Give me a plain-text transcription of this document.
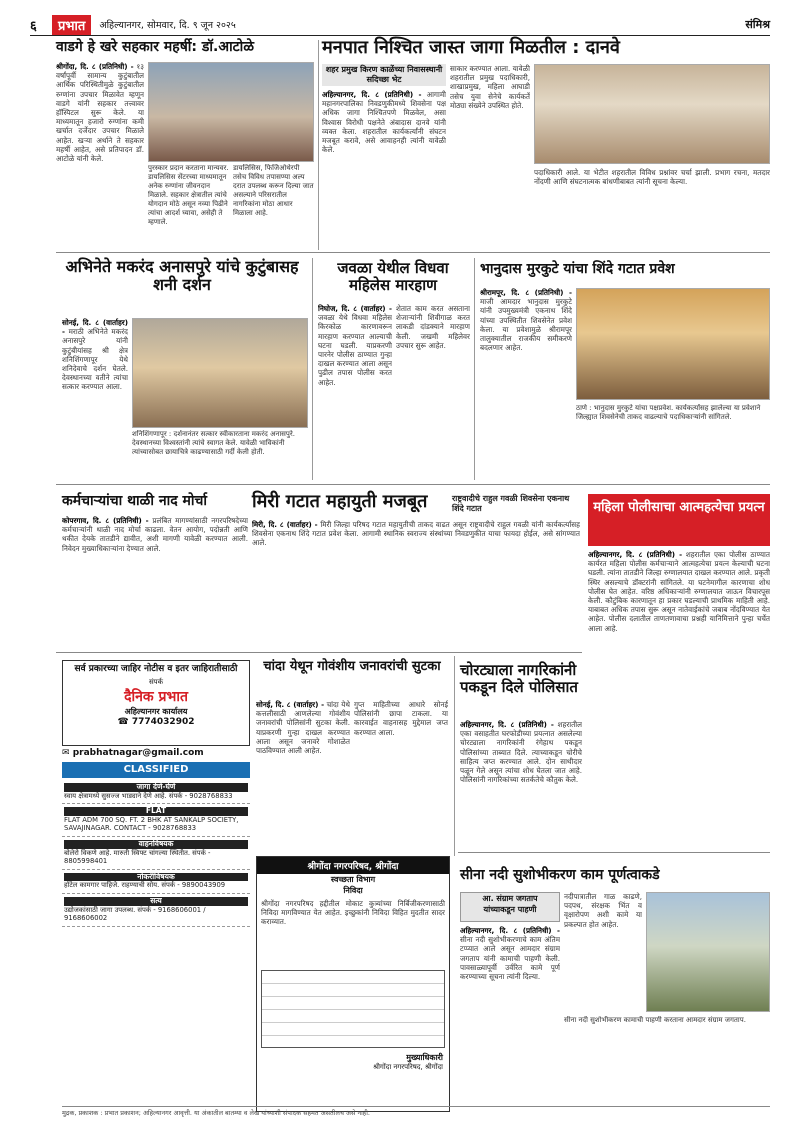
६	प्रभात	अहिल्यानगर, सोमवार, दि. ९ जून २०२५	संमिश्र
वाडगे हे खरे सहकार महर्षी: डॉ.आटोळे
श्रीगोंदा, दि. ८ (प्रतिनिधी) - १३ वर्षांपूर्वी सामान्य कुटुंबातील आर्थिक परिस्थितीमुळे कुटुंबातील रुग्णांना उपचार मिळावेत म्हणून वाडगे यांनी सहकार तत्त्वावर हॉस्पिटल सुरू केले. या माध्यमातून हजारो रुग्णांना कमी खर्चात दर्जेदार उपचार मिळाले आहेत. खऱ्या अर्थाने ते सहकार महर्षी आहेत, असे प्रतिपादन डॉ. आटोळे यांनी केले.
पुरस्कार प्रदान करताना मान्यवर. डायलिसिस सेंटरच्या माध्यमातून अनेक रुग्णांना जीवनदान मिळाले. सहकार क्षेत्रातील त्यांचे योगदान मोठे असून नव्या पिढीने त्यांचा आदर्श घ्यावा, असेही ते म्हणाले.
डायलिसिस, फिजिओथेरपी तसेच विविध तपासण्या अल्प दरात उपलब्ध करून दिल्या जात असल्याने परिसरातील नागरिकांना मोठा आधार मिळाला आहे.
मनपात निश्चित जास्त जागा मिळतील : दानवे
शहर प्रमुख किरण काळेंच्या निवासस्थानी सदिच्छा भेट
अहिल्यानगर, दि. ८ (प्रतिनिधी) - आगामी महानगरपालिका निवडणुकीमध्ये शिवसेना पक्ष अधिक जागा निश्चितपणे मिळवेल, असा विश्वास विरोधी पक्षनेते अंबादास दानवे यांनी व्यक्त केला. शहरातील कार्यकर्त्यांनी संघटन मजबूत करावे, असे आवाहनही त्यांनी यावेळी केले.
साकार करण्यात आला. यावेळी शहरातील प्रमुख पदाधिकारी, शाखाप्रमुख, महिला आघाडी तसेच युवा सेनेचे कार्यकर्ते मोठ्या संख्येने उपस्थित होते.
पदाधिकारी आले. या भेटीत शहरातील विविध प्रश्नांवर चर्चा झाली. प्रभाग रचना, मतदार नोंदणी आणि संघटनात्मक बांधणीबाबत त्यांनी सूचना केल्या.
अभिनेते मकरंद अनासपुरे यांचे कुटुंबासह शनी दर्शन
सोनई, दि. ८ (वार्ताहर) - मराठी अभिनेते मकरंद अनासपुरे यांनी कुटुंबीयांसह श्री क्षेत्र शनिशिंगणापूर येथे शनिदेवाचे दर्शन घेतले. देवस्थानच्या वतीने त्यांचा सत्कार करण्यात आला.
शनिशिंगणापूर : दर्शनानंतर सत्कार स्वीकारताना मकरंद अनासपुरे. देवस्थानच्या विश्वस्तांनी त्यांचे स्वागत केले. यावेळी भाविकांनी त्यांच्यासोबत छायाचित्रे काढण्यासाठी गर्दी केली होती.
जवळा येथील विधवा महिलेस मारहाण
निघोज, दि. ८ (वार्ताहर) - जवळा येथे विधवा महिलेस किरकोळ कारणावरून मारहाण करण्यात आल्याची घटना घडली. याप्रकरणी पारनेर पोलीस ठाण्यात गुन्हा दाखल करण्यात आला असून पुढील तपास पोलीस करत आहेत.
शेतात काम करत असताना शेजाऱ्यांनी शिवीगाळ करत लाकडी दांडक्याने मारहाण केली. जखमी महिलेवर उपचार सुरू आहेत.
भानुदास मुरकुटे यांचा शिंदे गटात प्रवेश
श्रीरामपूर, दि. ८ (प्रतिनिधी) - माजी आमदार भानुदास मुरकुटे यांनी उपमुख्यमंत्री एकनाथ शिंदे यांच्या उपस्थितीत शिवसेनेत प्रवेश केला. या प्रवेशामुळे श्रीरामपूर तालुक्यातील राजकीय समीकरणे बदलणार आहेत.
ठाणे : भानुदास मुरकुटे यांचा पक्षप्रवेश. कार्यकर्त्यांसह झालेल्या या प्रवेशाने जिल्ह्यात शिवसेनेची ताकद वाढल्याचे पदाधिकाऱ्यांनी सांगितले.
कर्मचाऱ्यांचा थाळी नाद मोर्चा
कोपरगाव, दि. ८ (प्रतिनिधी) - प्रलंबित मागण्यांसाठी नगरपरिषदेच्या कर्मचाऱ्यांनी थाळी नाद मोर्चा काढला. वेतन आयोग, पदोन्नती आणि थकीत देयके तातडीने द्यावीत, अशी मागणी यावेळी करण्यात आली. निवेदन मुख्याधिकाऱ्यांना देण्यात आले.
मिरी गटात महायुती मजबूत	राष्ट्रवादीचे राहुल गवळी शिवसेना एकनाथ शिंदे गटात
मिरी, दि. ८ (वार्ताहर) - मिरी जिल्हा परिषद गटात महायुतीची ताकद वाढत असून राष्ट्रवादीचे राहुल गवळी यांनी कार्यकर्त्यांसह शिवसेना एकनाथ शिंदे गटात प्रवेश केला. आगामी स्थानिक स्वराज्य संस्थांच्या निवडणुकीत याचा फायदा होईल, असे सांगण्यात आले.
महिला पोलीसाचा आत्महत्येचा प्रयत्न
अहिल्यानगर, दि. ८ (प्रतिनिधी) - शहरातील एका पोलीस ठाण्यात कार्यरत महिला पोलीस कर्मचाऱ्याने आत्महत्येचा प्रयत्न केल्याची घटना घडली. त्यांना तातडीने जिल्हा रुग्णालयात दाखल करण्यात आले. प्रकृती स्थिर असल्याचे डॉक्टरांनी सांगितले. या घटनेमागील कारणाचा शोध पोलीस घेत आहेत. वरिष्ठ अधिकाऱ्यांनी रुग्णालयात जाऊन विचारपूस केली. कौटुंबिक कारणातून हा प्रकार घडल्याची प्राथमिक माहिती आहे. याबाबत अधिक तपास सुरू असून नातेवाईकांचे जबाब नोंदविण्यात येत आहेत. पोलीस दलातील ताणतणावाचा प्रश्नही यानिमित्ताने पुन्हा चर्चेत आला आहे.
सर्व प्रकारच्या जाहिर नोटीस व इतर जाहिरातीसाठी
संपर्क
दैनिक प्रभात
अहिल्यानगर कार्यालय
☎ 7774032902
✉ prabhatnagar@gmail.com
CLASSIFIED
जागा देणे-घेणे
स्वाय क्षेत्रामध्ये सुसज्ज भाड्याने देणे आहे. संपर्क - 9028768833
FLAT
FLAT ADM 700 SQ. FT. 2 BHK AT SANKALP SOCIETY, SAVAJINAGAR. CONTACT - 9028768833
वाहनविषयक
बोलेरो विकणे आहे. मारुती स्विफ्ट चांगल्या स्थितीत. संपर्क - 8805998401
नोकरीविषयक
हॉटेल कामगार पाहिजे. राहण्याची सोय. संपर्क - 9890043909
सत्य
उद्योजकांसाठी जागा उपलब्ध. संपर्क - 9168606001 / 9168606002
चांदा येथून गोवंशीय जनावरांची सुटका
सोनई, दि. ८ (वार्ताहर) - चांदा येथे कत्तलीसाठी आणलेल्या गोवंशीय जनावरांची पोलिसांनी सुटका केली. याप्रकरणी गुन्हा दाखल करण्यात आला असून जनावरे गोशाळेत पाठविण्यात आली आहेत.
गुप्त माहितीच्या आधारे सोनई पोलिसांनी छापा टाकला. या कारवाईत वाहनासह मुद्देमाल जप्त करण्यात आला.
श्रीगोंदा नगरपरिषद, श्रीगोंदा
स्वच्छता विभाग
निविदा
श्रीगोंदा नगरपरिषद हद्दीतील मोकाट कुत्र्यांच्या निर्बिजीकरणासाठी निविदा मागविण्यात येत आहेत. इच्छुकांनी निविदा विहित मुदतीत सादर कराव्यात.
मुख्याधिकारी
श्रीगोंदा नगरपरिषद, श्रीगोंदा
चोरट्याला नागरिकांनी पकडून दिले पोलिसात
अहिल्यानगर, दि. ८ (प्रतिनिधी) - शहरातील एका वसाहतीत घरफोडीच्या प्रयत्नात असलेल्या चोरट्याला नागरिकांनी रंगेहाथ पकडून पोलिसांच्या ताब्यात दिले. त्याच्याकडून चोरीचे साहित्य जप्त करण्यात आले. दोन साथीदार पळून गेले असून त्यांचा शोध घेतला जात आहे. पोलिसांनी नागरिकांच्या सतर्कतेचे कौतुक केले.
सीना नदी सुशोभीकरण काम पूर्णत्वाकडे
आ. संग्राम जगताप
यांच्याकडून पाहणी
अहिल्यानगर, दि. ८ (प्रतिनिधी) - सीना नदी सुशोभीकरणाचे काम अंतिम टप्प्यात आले असून आमदार संग्राम जगताप यांनी कामाची पाहणी केली. पावसाळ्यापूर्वी उर्वरित कामे पूर्ण करण्याच्या सूचना त्यांनी दिल्या.
नदीपात्रातील गाळ काढणे, पदपथ, संरक्षक भिंत व वृक्षारोपण अशी कामे या प्रकल्पात होत आहेत.
सीना नदी सुशोभीकरण कामाची पाहणी करताना आमदार संग्राम जगताप.
मुद्रक, प्रकाशक : प्रभात प्रकाशन; अहिल्यानगर आवृत्ती. या अंकातील बातम्या व लेख यांच्याशी संपादक सहमत असतीलच असे नाही.
